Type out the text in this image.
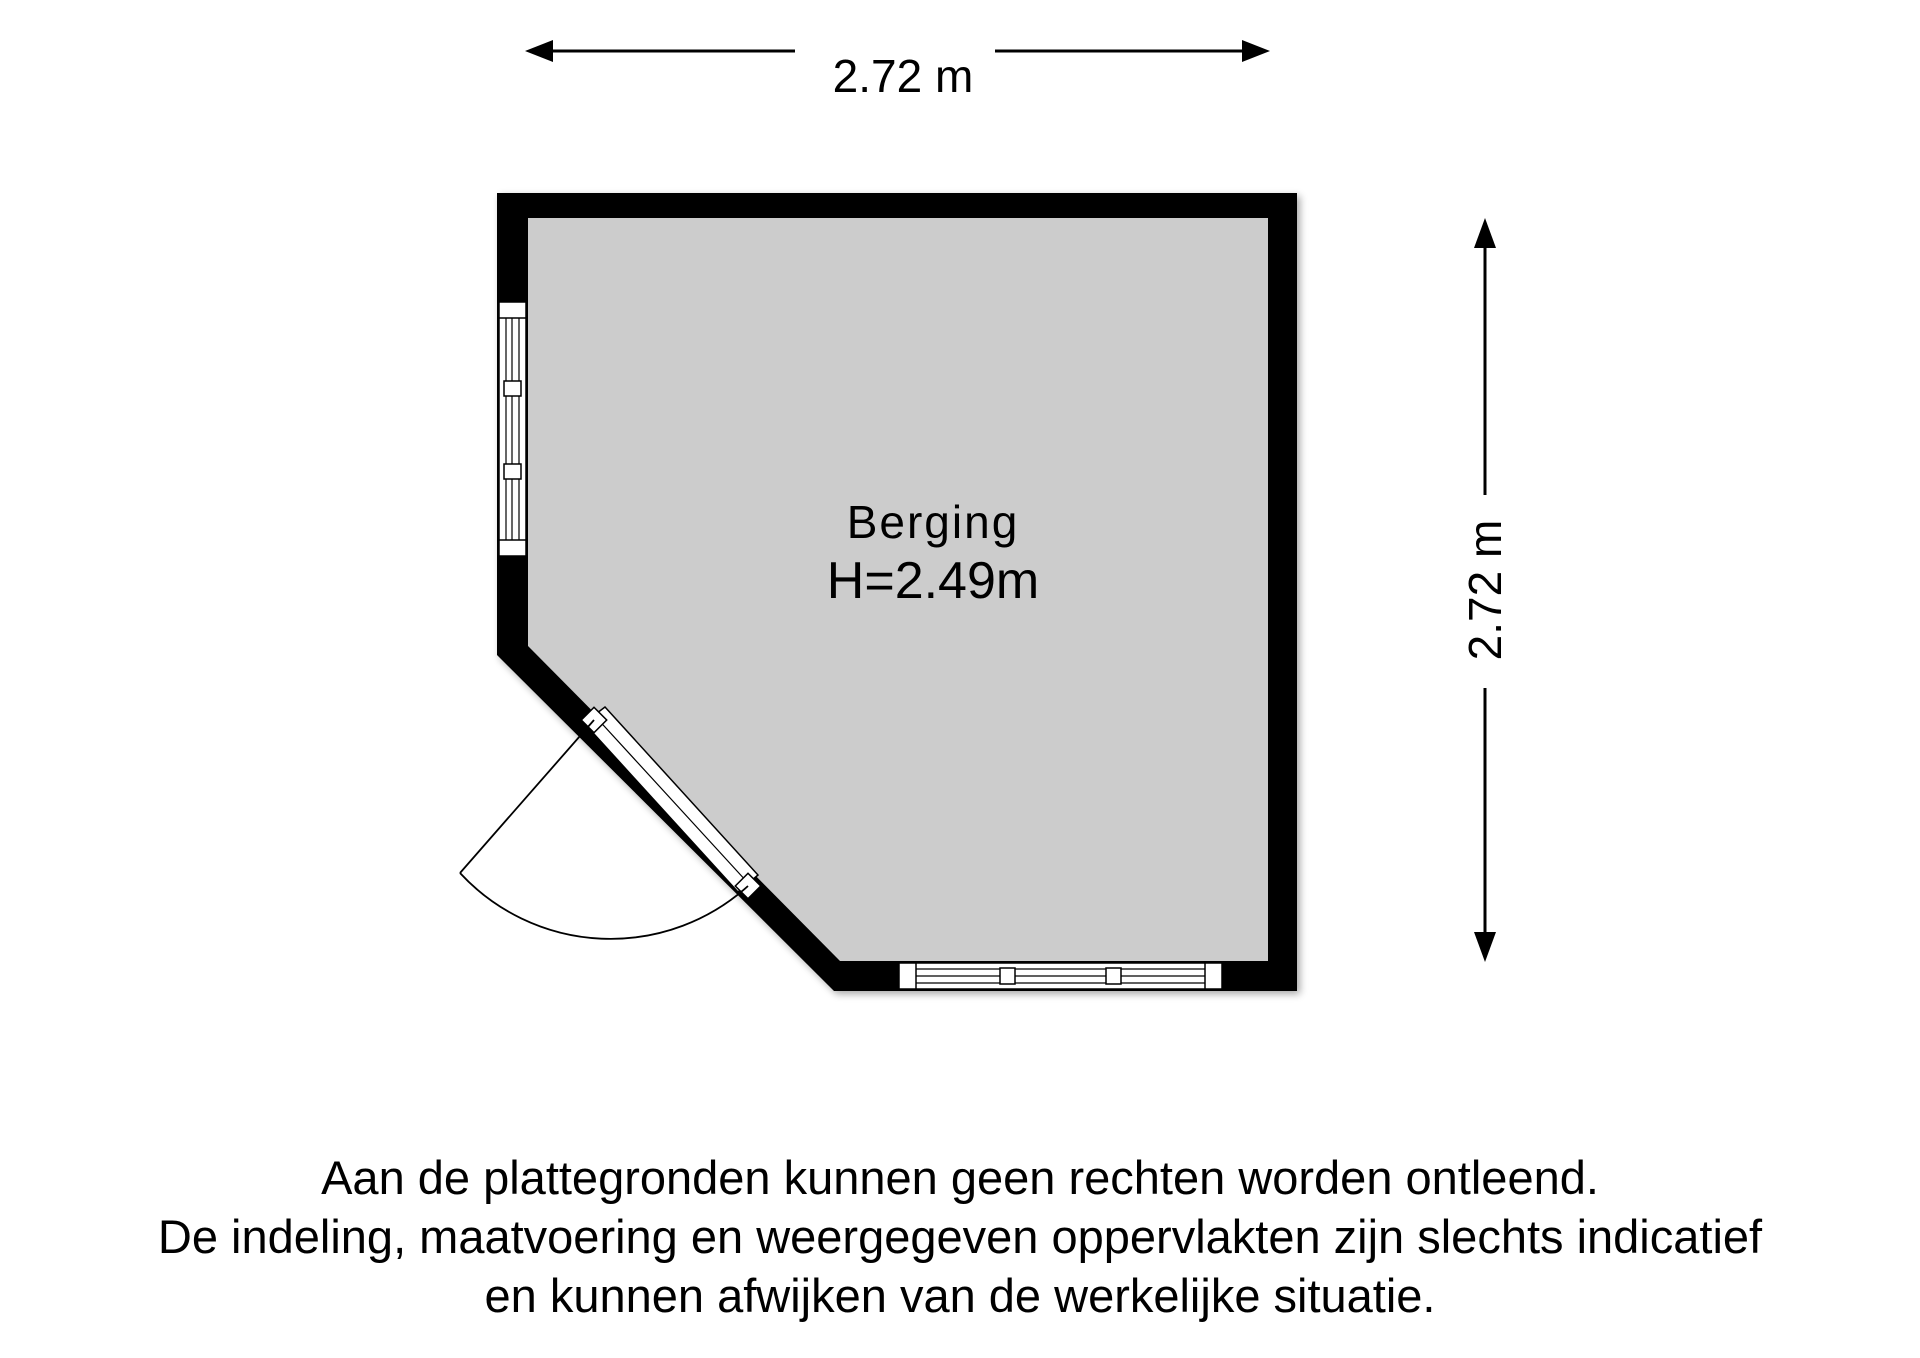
2.72 m
2.72 m
Berging
H=2.49m
Aan de plattegronden kunnen geen rechten worden ontleend.
De indeling, maatvoering en weergegeven oppervlakten zijn slechts indicatief
en kunnen afwijken van de werkelijke situatie.
